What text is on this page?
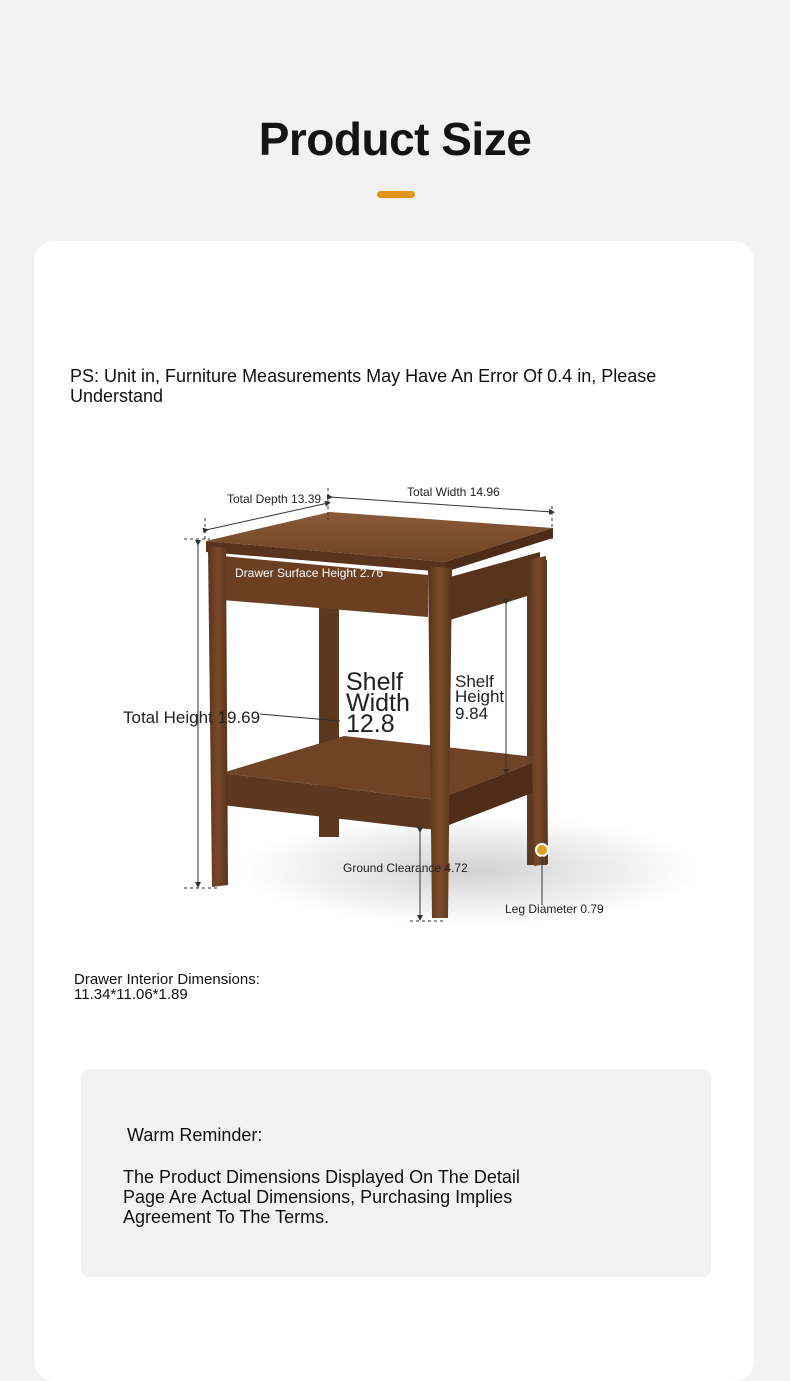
Product Size
PS: Unit in, Furniture Measurements May Have An Error Of 0.4 in, Please Understand
Total Depth 13.39	Total Width 14.96
Drawer Surface Height 2.76
Total Height 19.69
Shelf
Width
12.8
Shelf
Height
9.84
Ground Clearance 4.72
Leg Diameter 0.79
Drawer Interior Dimensions:
11.34*11.06*1.89
Warm Reminder:
The Product Dimensions Displayed On The Detail Page Are Actual Dimensions, Purchasing Implies Agreement To The Terms.
